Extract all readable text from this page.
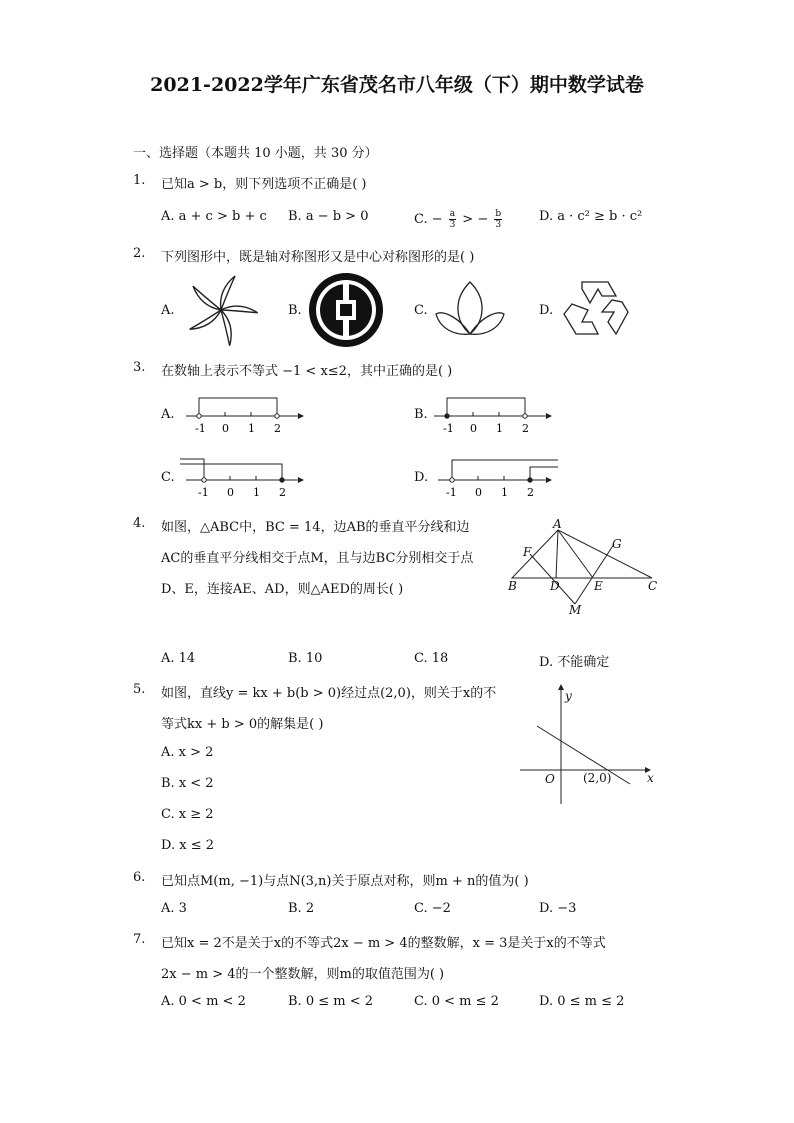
2021-2022学年广东省茂名市八年级（下）期中数学试卷
一、选择题（本题共 10 小题，共 30 分）
1. 已知a > b，则下列选项不正确是( )
A. a + c > b + c B. a − b > 0	C. − $\frac{a}{3}$ > − $\frac{b}{3}$	D. a · c² ≥ b · c²
2. 下列图形中，既是轴对称图形又是中心对称图形的是( )
A.	B.	C.	D.
3. 在数轴上表示不等式 −1 < x≤2，其中正确的是( )
A.	B.
C.	D.
-1 0 1 2	-1 0 1 2
-1 0 1 2	-1 0 1 2
4. 如图，△ABC中，BC = 14，边AB的垂直平分线和边
AC的垂直平分线相交于点M，且与边BC分别相交于点
D、E，连接AE、AD，则△AED的周长( )
A. 14	B. 10	C. 18	D. 不能确定
A
B	C
D	E
F
G
M
5. 如图，直线y = kx + b(b > 0)经过点(2,0)，则关于x的不
等式kx + b > 0的解集是( )
A. x > 2
B. x < 2
C. x ≥ 2
D. x ≤ 2
y
x
O (2,0)
6. 已知点M(m, −1)与点N(3,n)关于原点对称，则m + n的值为( )
A. 3	B. 2	C. −2	D. −3
7. 已知x = 2不是关于x的不等式2x − m > 4的整数解，x = 3是关于x的不等式
2x − m > 4的一个整数解，则m的取值范围为( )
A. 0 < m < 2	B. 0 ≤ m < 2	C. 0 < m ≤ 2	D. 0 ≤ m ≤ 2
